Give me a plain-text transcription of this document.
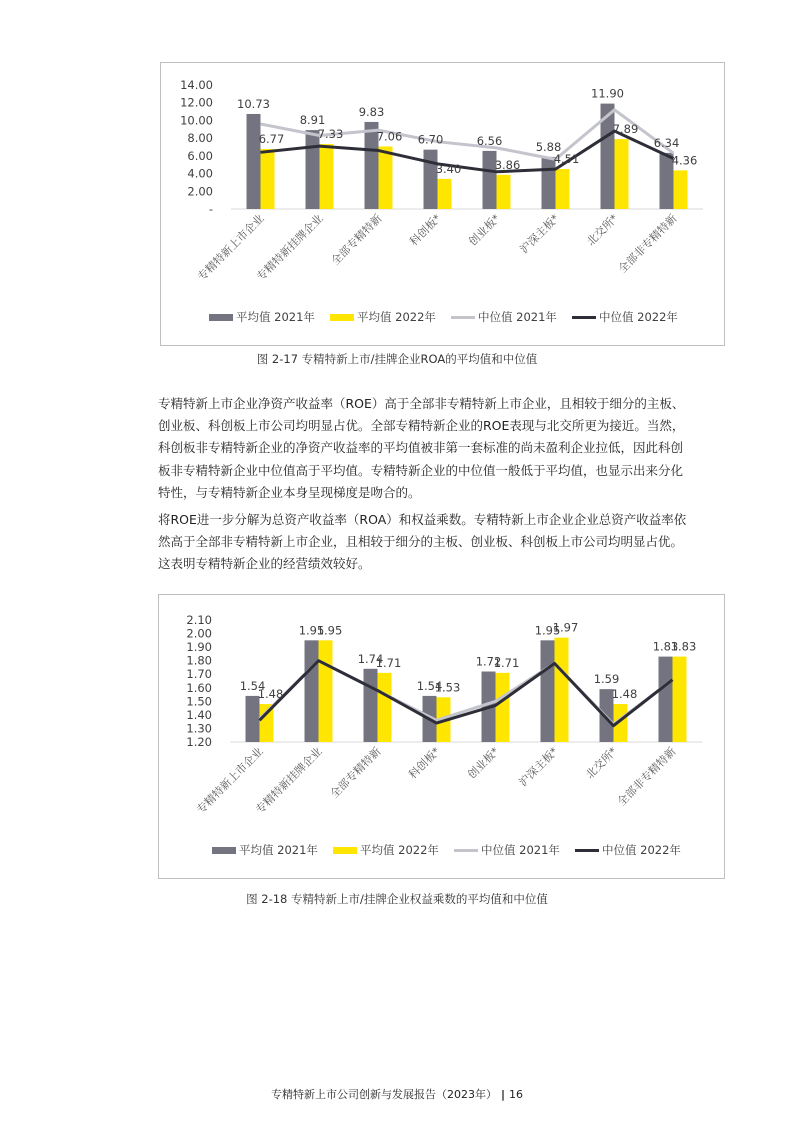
14.00
12.00
10.00
8.00
6.00
4.00
2.00
-
10.73
8.91
9.83
6.70	6.56	5.88
11.90
6.34
6.77	7.33	7.06
3.40	3.86	4.51
7.89
4.36
专精特新上市企业
专精特新挂牌企业 全部专精特新 科创板* 创业板* 沪深主板* 北交所*
全部非专精特新
平均值 2021年	平均值 2022年	中位值 2021年	中位值 2022年
图 2-17 专精特新上市/挂牌企业ROA的平均值和中位值

专精特新上市企业净资产收益率（ROE）高于全部非专精特新上市企业，且相较于细分的主板、

创业板、科创板上市公司均明显占优。全部专精特新企业的ROE表现与北交所更为接近。当然，

科创板非专精特新企业的净资产收益率的平均值被非第一套标准的尚未盈利企业拉低，因此科创

板非专精特新企业中位值高于平均值。专精特新企业的中位值一般低于平均值，也显示出来分化

特性，与专精特新企业本身呈现梯度是吻合的。

将ROE进一步分解为总资产收益率（ROA）和权益乘数。专精特新上市企业企业总资产收益率依

然高于全部非专精特新上市企业，且相较于细分的主板、创业板、科创板上市公司均明显占优。

这表明专精特新企业的经营绩效较好。

2.10
2.00
1.90
1.80
1.70
1.60
1.50
1.40
1.30
1.20
1.54
1.95
1.74
1.54
1.72
1.95
1.59
1.83
1.48
1.95
1.71
1.53
1.71
1.97
1.48
1.83
专精特新上市企业
专精特新挂牌企业 全部专精特新 科创板* 创业板* 沪深主板* 北交所*
全部非专精特新
平均值 2021年	平均值 2022年	中位值 2021年	中位值 2022年
图 2-18 专精特新上市/挂牌企业权益乘数的平均值和中位值
专精特新上市公司创新与发展报告（2023年） | 16
